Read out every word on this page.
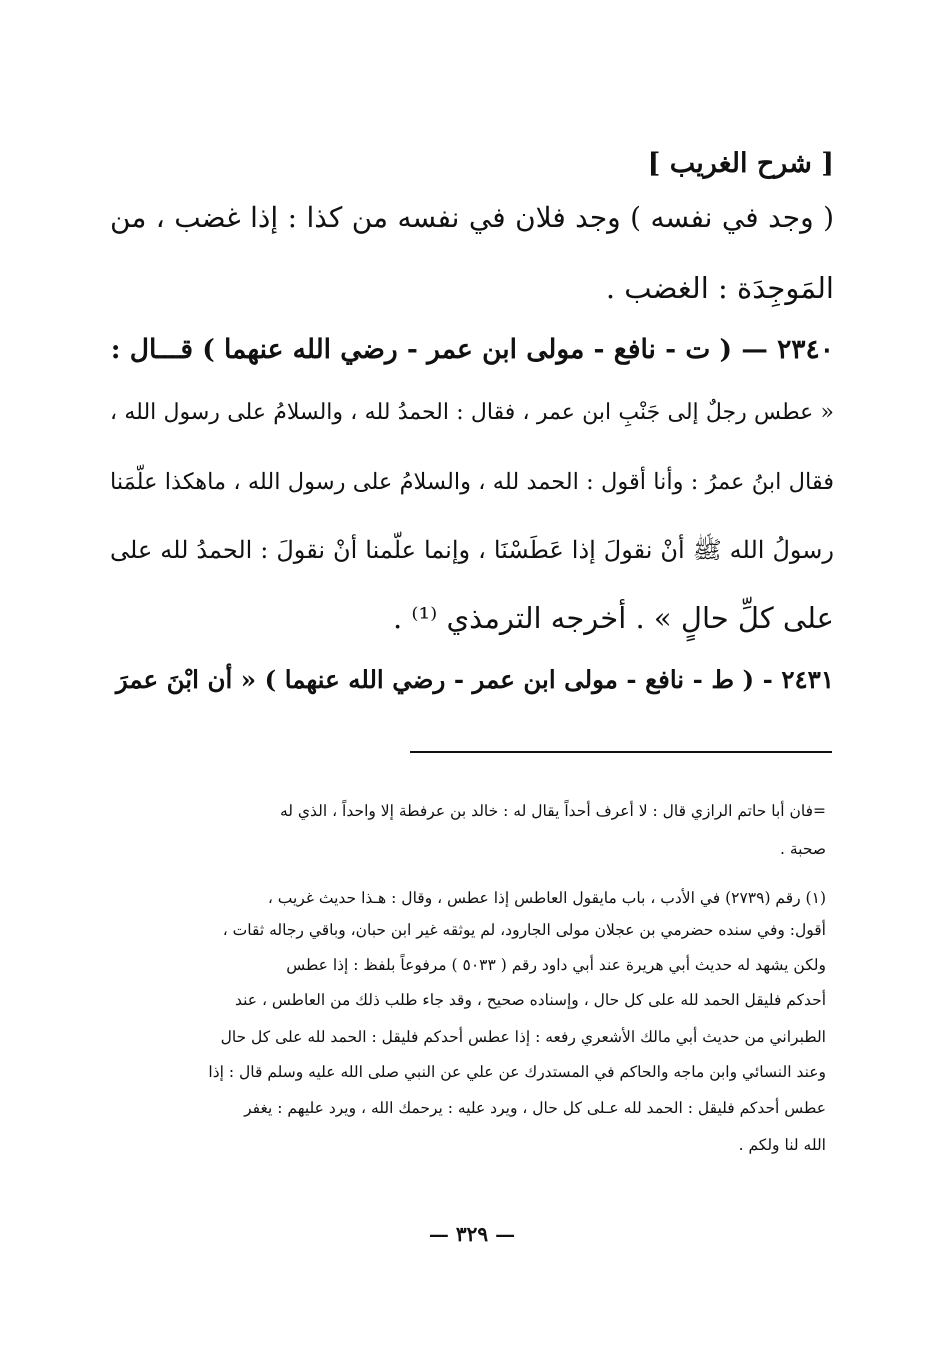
[ شرح الغريب ]
( وجد في نفسه ) وجد فلان في نفسه من كذا : إذا غضب ، من
المَوجِدَة : الغضب .
٢٣٤٠ — ( ت - نافع - مولى ابن عمر - رضي الله عنهما ) قـــال :
« عطس رجلٌ إلى جَنْبِ ابن عمر ، فقال : الحمدُ لله ، والسلامُ على رسول الله ،
فقال ابنُ عمرُ : وأنا أقول : الحمد لله ، والسلامُ على رسول الله ، ماهكذا علّمَنا
رسولُ الله ﷺ أنْ نقولَ إذا عَطَسْنَا ، وإنما علّمنا أنْ نقولَ : الحمدُ لله على
على كلِّ حالٍ » . أخرجه الترمذي ⁽¹⁾ .
٢٤٣١ - ( ط - نافع - مولى ابن عمر - رضي الله عنهما ) « أن ابْنَ عمرَ
=فان أبا حاتم الرازي قال : لا أعرف أحداً يقال له : خالد بن عرفطة إلا واحداً ، الذي له
صحبة .
(١) رقم (٢٧٣٩) في الأدب ، باب مايقول العاطس إذا عطس ، وقال : هـذا حديث غريب ،
أقول: وفي سنده حضرمي بن عجلان مولى الجارود، لم يوثقه غير ابن حبان، وباقي رجاله ثقات ،
ولكن يشهد له حديث أبي هريرة عند أبي داود رقم ( ٥٠٣٣ ) مرفوعاً بلفظ : إذا عطس
أحدكم فليقل الحمد لله على كل حال ، وإسناده صحيح ، وقد جاء طلب ذلك من العاطس ، عند
الطبراني من حديث أبي مالك الأشعري رفعه : إذا عطس أحدكم فليقل : الحمد لله على كل حال
وعند النسائي وابن ماجه والحاكم في المستدرك عن علي عن النبي صلى الله عليه وسلم قال : إذا
عطس أحدكم فليقل : الحمد لله عـلى كل حال ، ويرد عليه : يرحمك الله ، ويرد عليهم : يغفر
الله لنا ولكم .
— ٣٢٩ —
